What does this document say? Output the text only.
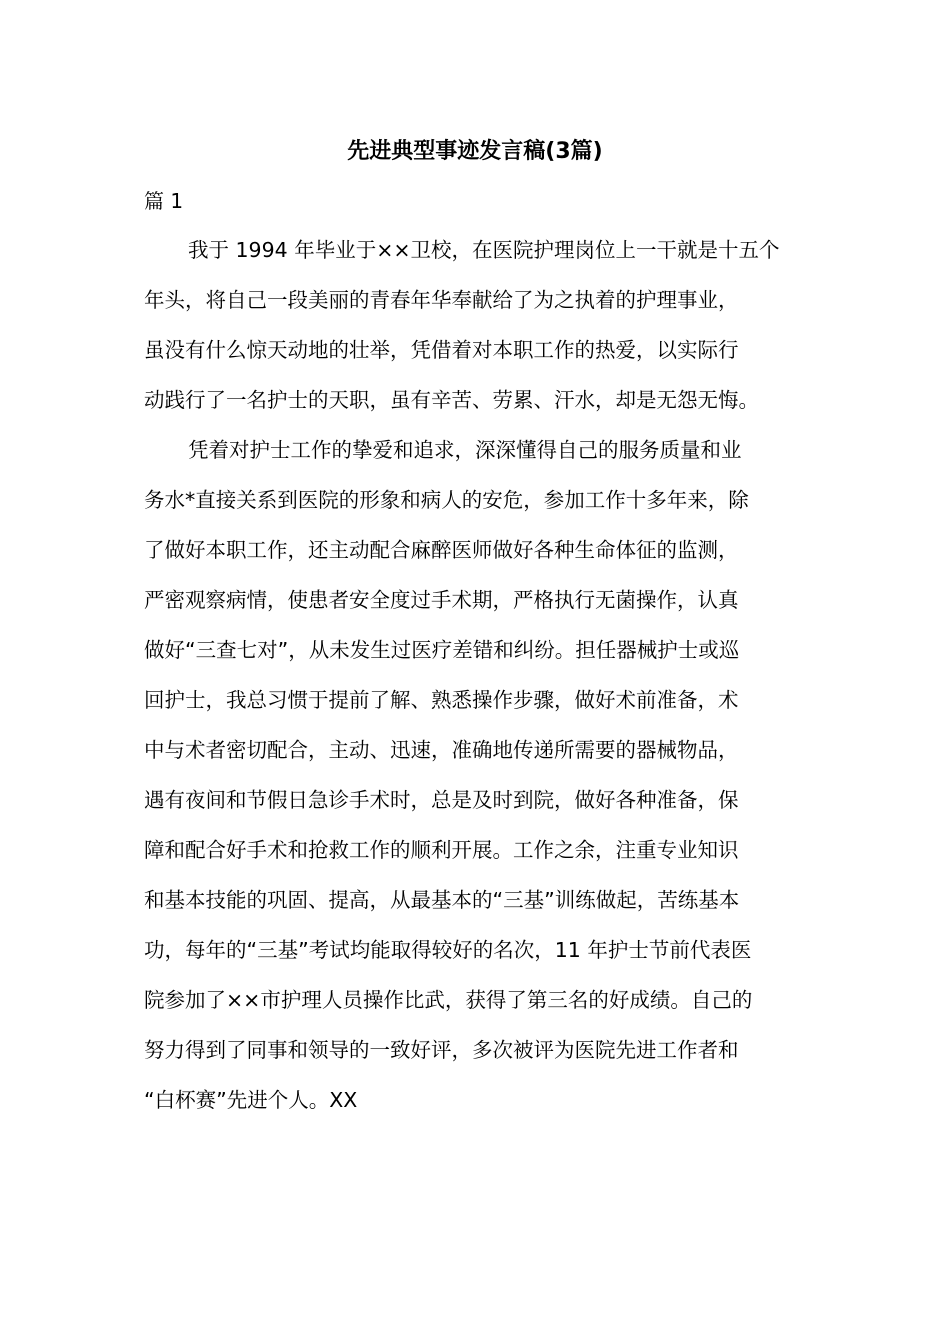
先进典型事迹发言稿(3篇)
篇 1
我于 1994 年毕业于××卫校，在医院护理岗位上一干就是十五个
年头，将自己一段美丽的青春年华奉献给了为之执着的护理事业，
虽没有什么惊天动地的壮举，凭借着对本职工作的热爱，以实际行
动践行了一名护士的天职，虽有辛苦、劳累、汗水，却是无怨无悔。
凭着对护士工作的挚爱和追求，深深懂得自己的服务质量和业
务水*直接关系到医院的形象和病人的安危，参加工作十多年来，除
了做好本职工作，还主动配合麻醉医师做好各种生命体征的监测，
严密观察病情，使患者安全度过手术期，严格执行无菌操作，认真
做好“三查七对”，从未发生过医疗差错和纠纷。担任器械护士或巡
回护士，我总习惯于提前了解、熟悉操作步骤，做好术前准备，术
中与术者密切配合，主动、迅速，准确地传递所需要的器械物品，
遇有夜间和节假日急诊手术时，总是及时到院，做好各种准备，保
障和配合好手术和抢救工作的顺利开展。工作之余，注重专业知识
和基本技能的巩固、提高，从最基本的“三基”训练做起，苦练基本
功，每年的“三基”考试均能取得较好的名次，11 年护士节前代表医
院参加了××市护理人员操作比武，获得了第三名的好成绩。自己的
努力得到了同事和领导的一致好评，多次被评为医院先进工作者和
“白杯赛”先进个人。XX
